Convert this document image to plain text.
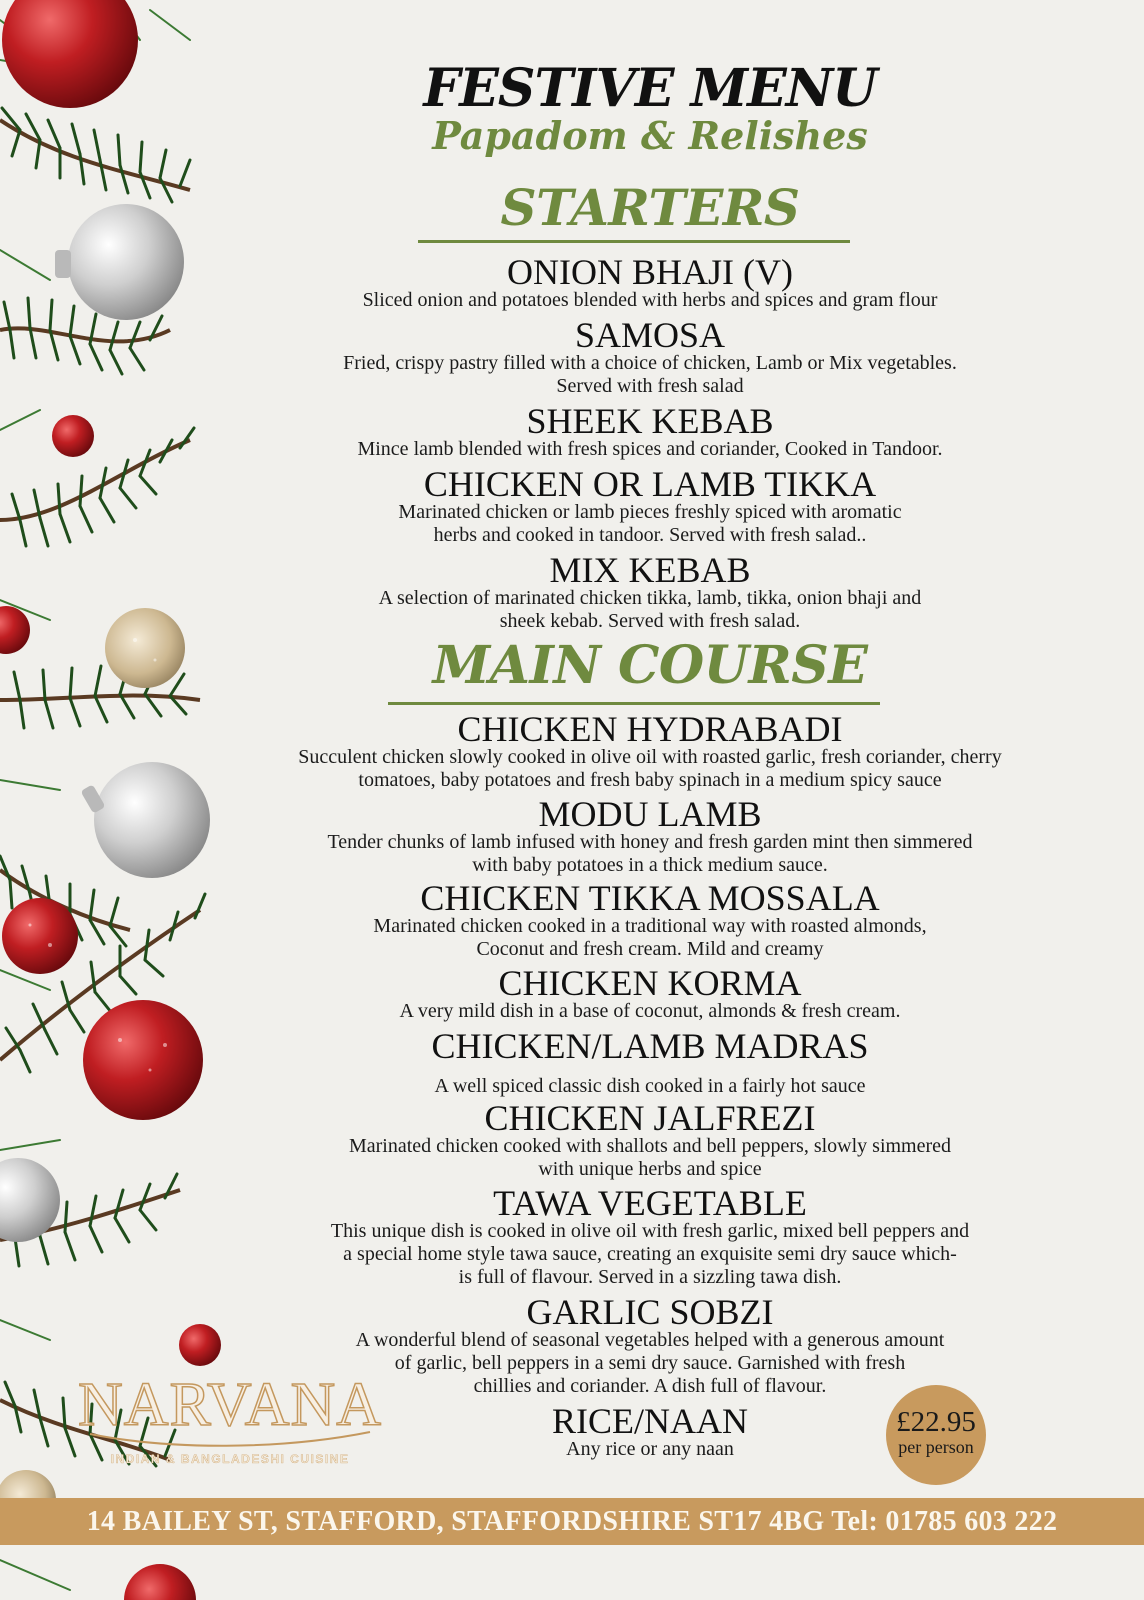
FESTIVE MENU
Papadom & Relishes
STARTERS
ONION BHAJI (V)
Sliced onion and potatoes blended with herbs and spices and gram flour
SAMOSA
Fried, crispy pastry filled with a choice of chicken, Lamb or Mix vegetables.
Served with fresh salad
SHEEK KEBAB
Mince lamb blended with fresh spices and coriander, Cooked in Tandoor.
CHICKEN OR LAMB TIKKA
Marinated chicken or lamb pieces freshly spiced with aromatic
herbs and cooked in tandoor. Served with fresh salad..
MIX KEBAB
A selection of marinated chicken tikka, lamb, tikka, onion bhaji and
sheek kebab. Served with fresh salad.
MAIN COURSE
CHICKEN HYDRABADI
Succulent chicken slowly cooked in olive oil with roasted garlic, fresh coriander, cherry
tomatoes, baby potatoes and fresh baby spinach in a medium spicy sauce
MODU LAMB
Tender chunks of lamb infused with honey and fresh garden mint then simmered
with baby potatoes in a thick medium sauce.
CHICKEN TIKKA MOSSALA
Marinated chicken cooked in a traditional way with roasted almonds,
Coconut and fresh cream. Mild and creamy
CHICKEN KORMA
A very mild dish in a base of coconut, almonds & fresh cream.
CHICKEN/LAMB MADRAS
A well spiced classic dish cooked in a fairly hot sauce
CHICKEN JALFREZI
Marinated chicken cooked with shallots and bell peppers, slowly simmered
with unique herbs and spice
TAWA VEGETABLE
This unique dish is cooked in olive oil with fresh garlic, mixed bell peppers and
a special home style tawa sauce, creating an exquisite semi dry sauce which-
is full of flavour. Served in a sizzling tawa dish.
GARLIC SOBZI
A wonderful blend of seasonal vegetables helped with a generous amount
of garlic, bell peppers in a semi dry sauce. Garnished with fresh
chillies and coriander. A dish full of flavour.
RICE/NAAN
Any rice or any naan
£22.95
per person
NARVANA
INDIAN & BANGLADESHI CUISINE
14 BAILEY ST, STAFFORD, STAFFORDSHIRE ST17 4BG Tel: 01785 603 222
